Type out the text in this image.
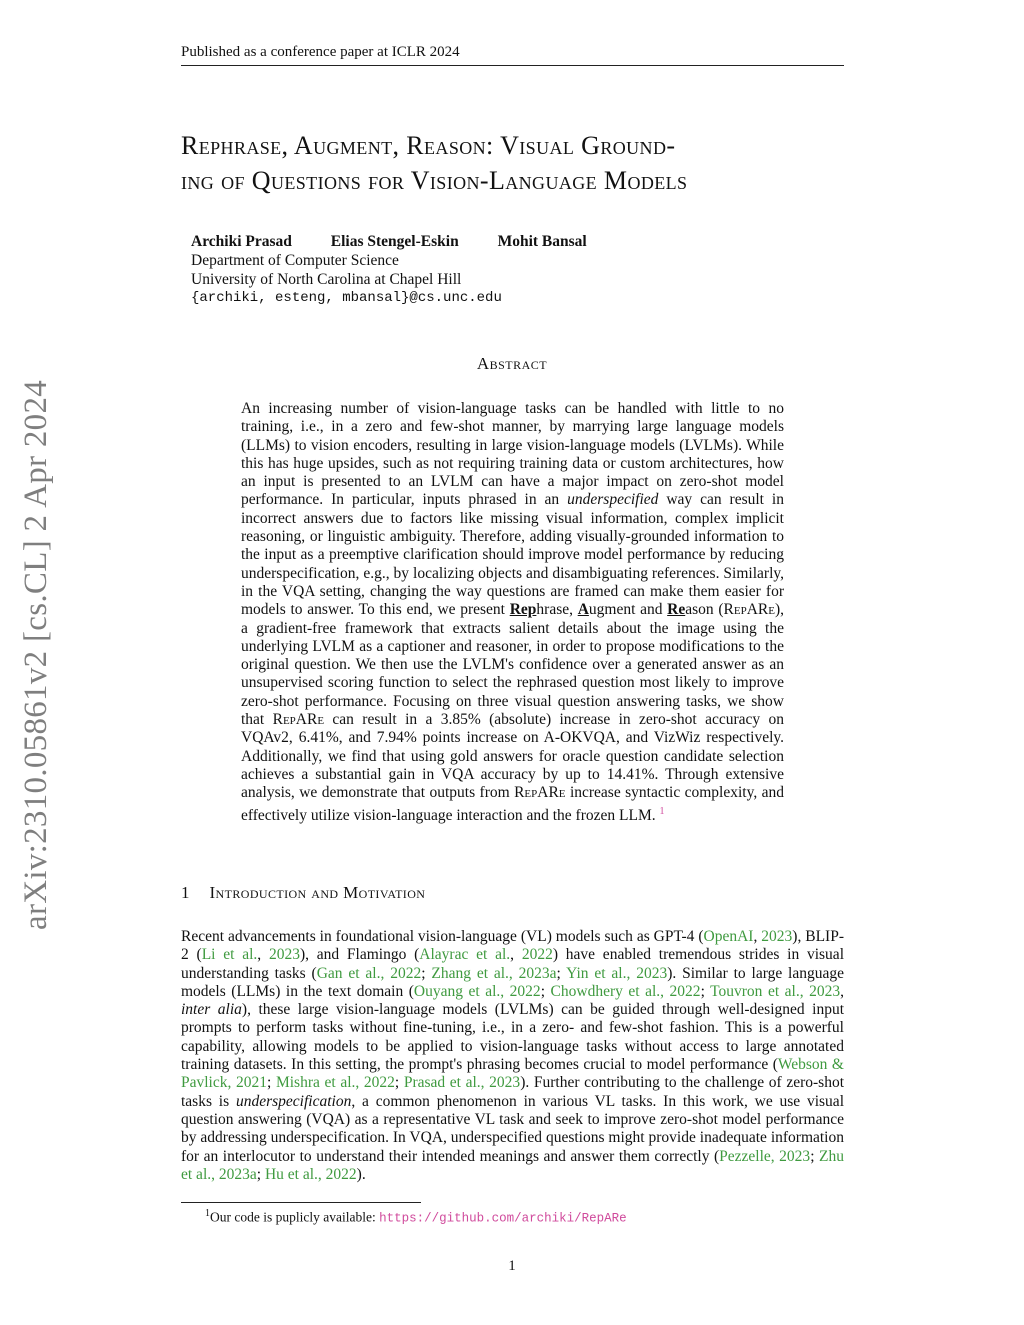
Published as a conference paper at ICLR 2024
arXiv:2310.05861v2 [cs.CL] 2 Apr 2024
Rephrase, Augment, Reason: Visual Ground-
ing of Questions for Vision-Language Models
Archiki Prasad	Elias Stengel-Eskin	Mohit Bansal
Department of Computer Science
University of North Carolina at Chapel Hill
{archiki, esteng, mbansal}@cs.unc.edu
Abstract
An increasing number of vision-language tasks can be handled with little to no training, i.e., in a zero and few-shot manner, by marrying large language models (LLMs) to vision encoders, resulting in large vision-language models (LVLMs). While this has huge upsides, such as not requiring training data or custom architectures, how an input is presented to an LVLM can have a major impact on zero-shot model performance. In particular, inputs phrased in an underspecified way can result in incorrect answers due to factors like missing visual information, complex implicit reasoning, or linguistic ambiguity. Therefore, adding visually-grounded information to the input as a preemptive clarification should improve model performance by reducing underspecification, e.g., by localizing objects and disambiguating references. Similarly, in the VQA setting, changing the way questions are framed can make them easier for models to answer. To this end, we present Rephrase, Augment and Reason (RepARe), a gradient-free framework that extracts salient details about the image using the underlying LVLM as a captioner and reasoner, in order to propose modifications to the original question. We then use the LVLM's confidence over a generated answer as an unsupervised scoring function to select the rephrased question most likely to improve zero-shot performance. Focusing on three visual question answering tasks, we show that RepARe can result in a 3.85% (absolute) increase in zero-shot accuracy on VQAv2, 6.41%, and 7.94% points increase on A-OKVQA, and VizWiz respectively. Additionally, we find that using gold answers for oracle question candidate selection achieves a substantial gain in VQA accuracy by up to 14.41%. Through extensive analysis, we demonstrate that outputs from RepARe increase syntactic complexity, and effectively utilize vision-language interaction and the frozen LLM. $^1$
1 Introduction and Motivation
Recent advancements in foundational vision-language (VL) models such as GPT-4 (OpenAI, 2023), BLIP-2 (Li et al., 2023), and Flamingo (Alayrac et al., 2022) have enabled tremendous strides in visual understanding tasks (Gan et al., 2022; Zhang et al., 2023a; Yin et al., 2023). Similar to large language models (LLMs) in the text domain (Ouyang et al., 2022; Chowdhery et al., 2022; Touvron et al., 2023, inter alia), these large vision-language models (LVLMs) can be guided through well-designed input prompts to perform tasks without fine-tuning, i.e., in a zero- and few-shot fashion. This is a powerful capability, allowing models to be applied to vision-language tasks without access to large annotated training datasets. In this setting, the prompt's phrasing becomes crucial to model performance (Webson & Pavlick, 2021; Mishra et al., 2022; Prasad et al., 2023). Further contributing to the challenge of zero-shot tasks is underspecification, a common phenomenon in various VL tasks. In this work, we use visual question answering (VQA) as a representative VL task and seek to improve zero-shot model performance by addressing underspecification. In VQA, underspecified questions might provide inadequate information for an interlocutor to understand their intended meanings and answer them correctly (Pezzelle, 2023; Zhu et al., 2023a; Hu et al., 2022).
$^1$Our code is puplicly available: https://github.com/archiki/RepARe
1
